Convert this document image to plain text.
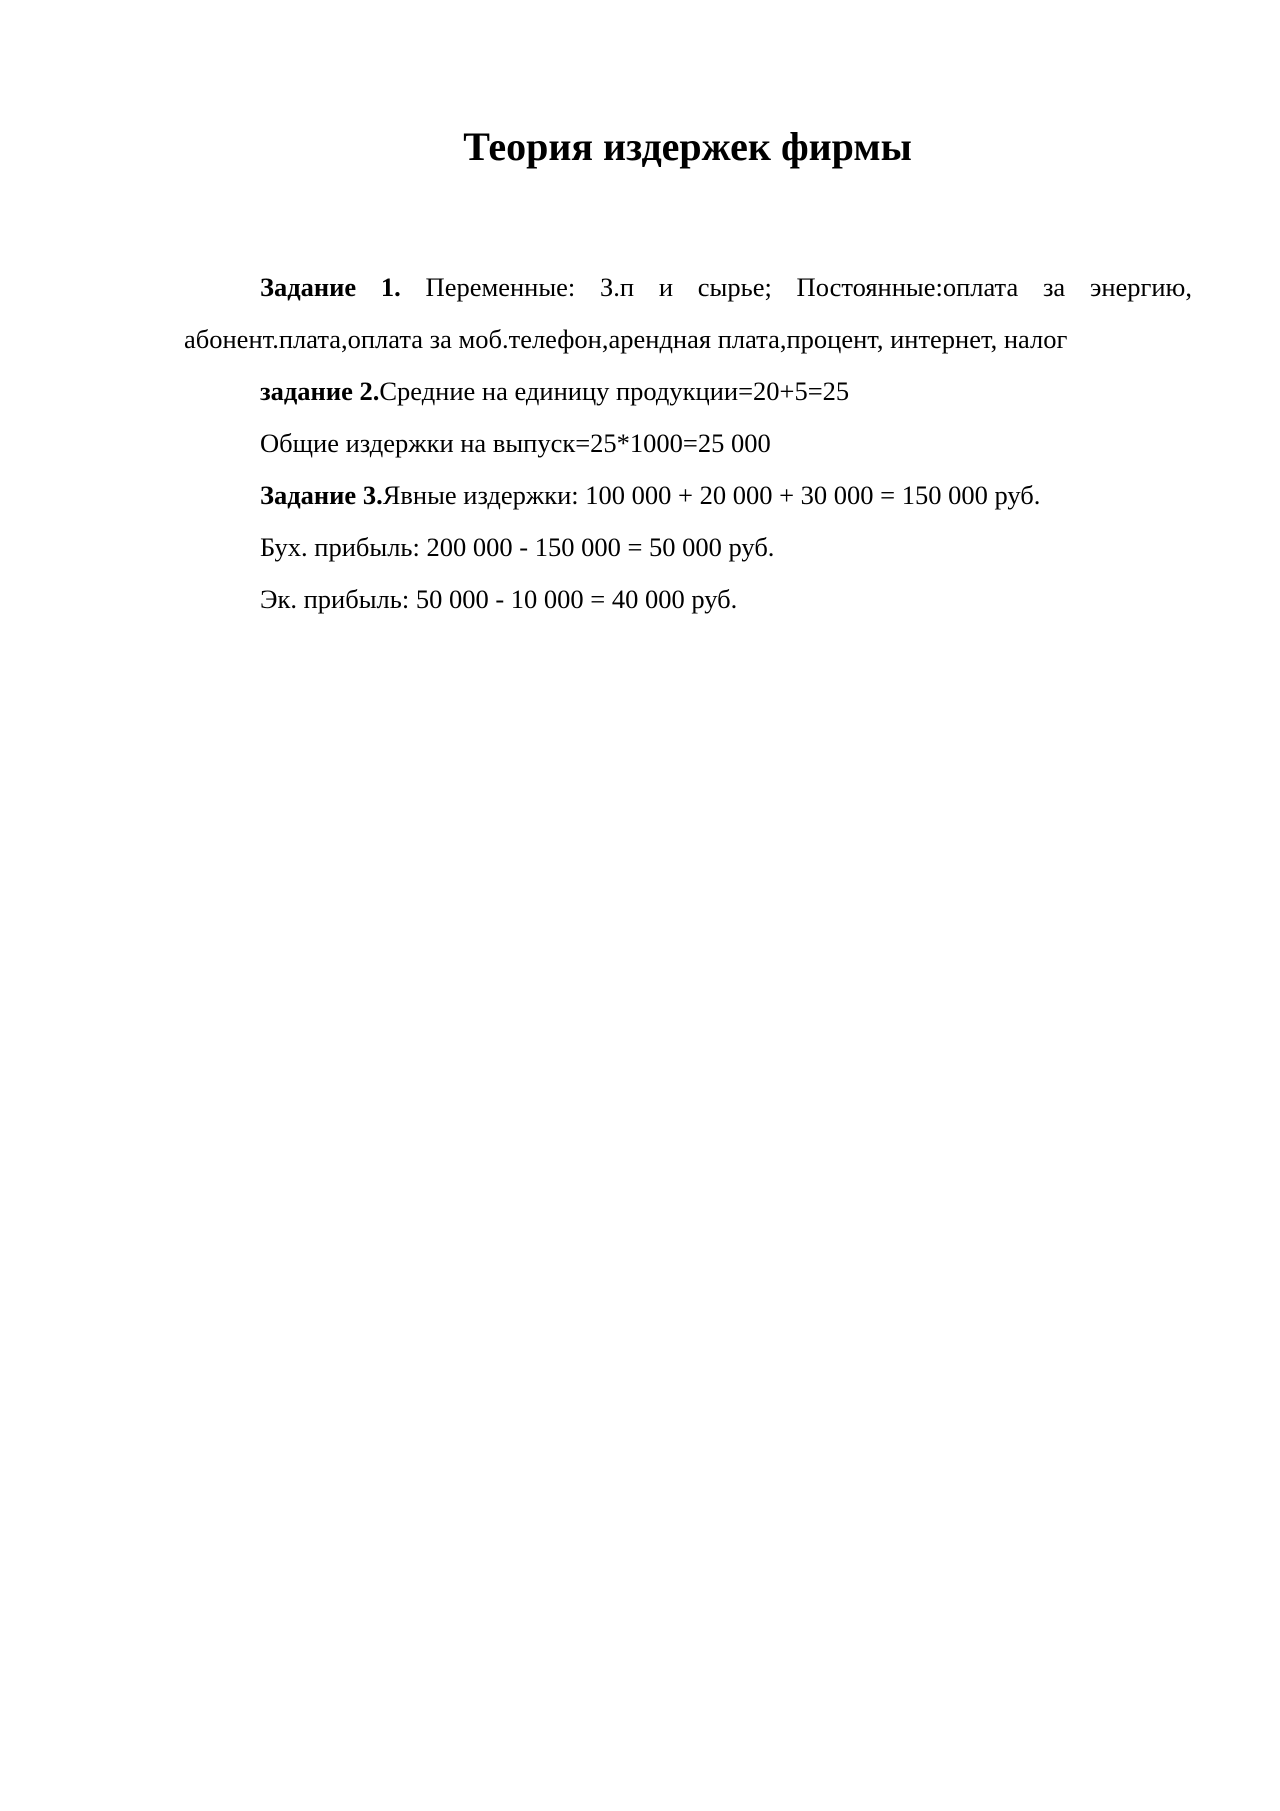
Теория издержек фирмы

Задание 1. Переменные: З.п и сырье; Постоянные:оплата за энергию, абонент.плата,оплата за моб.телефон,арендная плата,процент, интернет, налог

задание 2.Средние на единицу продукции=20+5=25

Общие издержки на выпуск=25*1000=25 000

Задание 3.Явные издержки: 100 000 + 20 000 + 30 000 = 150 000 руб.

Бух. прибыль: 200 000 - 150 000 = 50 000 руб.

Эк. прибыль: 50 000 - 10 000 = 40 000 руб.
